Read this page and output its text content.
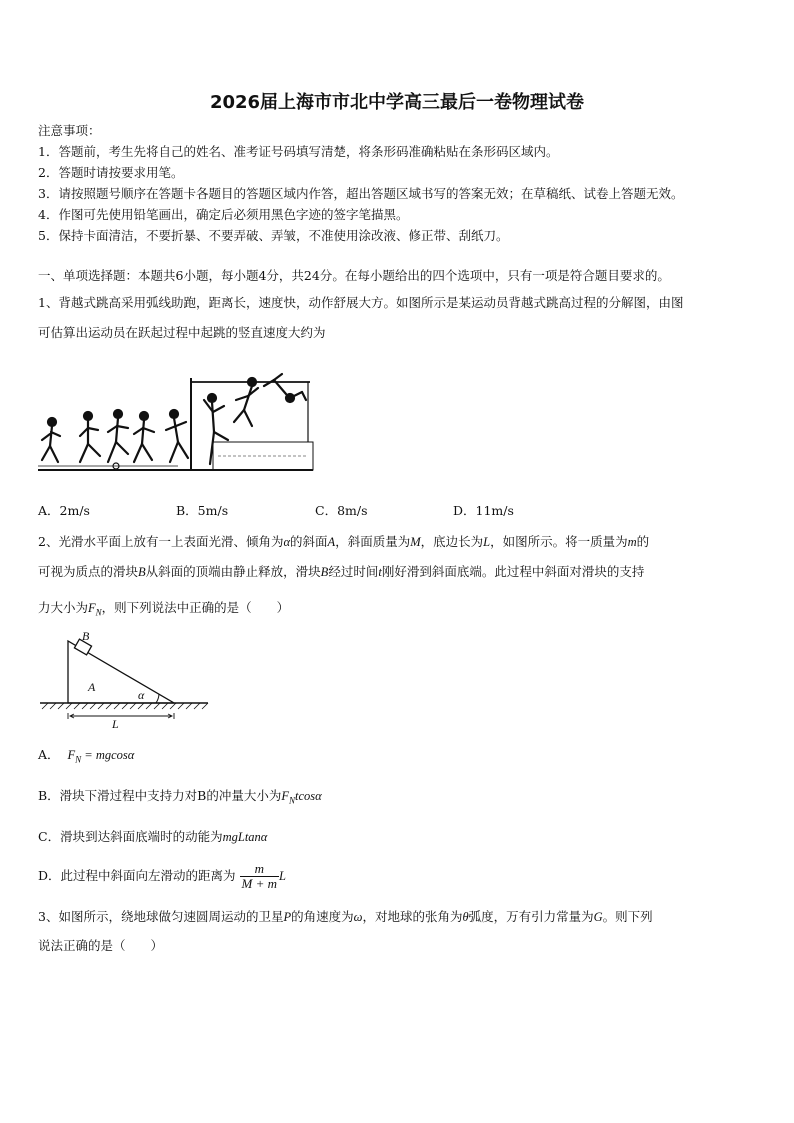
2026届上海市市北中学高三最后一卷物理试卷
注意事项：
1．答题前，考生先将自己的姓名、准考证号码填写清楚，将条形码准确粘贴在条形码区域内。
2．答题时请按要求用笔。
3．请按照题号顺序在答题卡各题目的答题区域内作答，超出答题区域书写的答案无效；在草稿纸、试卷上答题无效。
4．作图可先使用铅笔画出，确定后必须用黑色字迹的签字笔描黑。
5．保持卡面清洁，不要折暴、不要弄破、弄皱，不准使用涂改液、修正带、刮纸刀。
一、单项选择题：本题共6小题，每小题4分，共24分。在每小题给出的四个选项中，只有一项是符合题目要求的。
1、背越式跳高采用弧线助跑，距离长，速度快，动作舒展大方。如图所示是某运动员背越式跳高过程的分解图，由图
可估算出运动员在跃起过程中起跳的竖直速度大约为
A．2m/s	B．5m/s	C．8m/s	D．11m/s
2、光滑水平面上放有一上表面光滑、倾角为α的斜面A，斜面质量为M，底边长为L，如图所示。将一质量为m的
可视为质点的滑块B从斜面的顶端由静止释放，滑块B经过时间t刚好滑到斜面底端。此过程中斜面对滑块的支持
力大小为$F_N$，则下列说法中正确的是（　　）
B
A
α
L
A． $F_N = mgcos\alpha$
B．滑块下滑过程中支持力对B的冲量大小为$F_Ntcos\alpha$
C．滑块到达斜面底端时的动能为mgLtanα
D．此过程中斜面向左滑动的距离为 $\frac{m}{M + m}$ L
3、如图所示，绕地球做匀速圆周运动的卫星P的角速度为ω，对地球的张角为θ弧度，万有引力常量为G。则下列
说法正确的是（　　）
